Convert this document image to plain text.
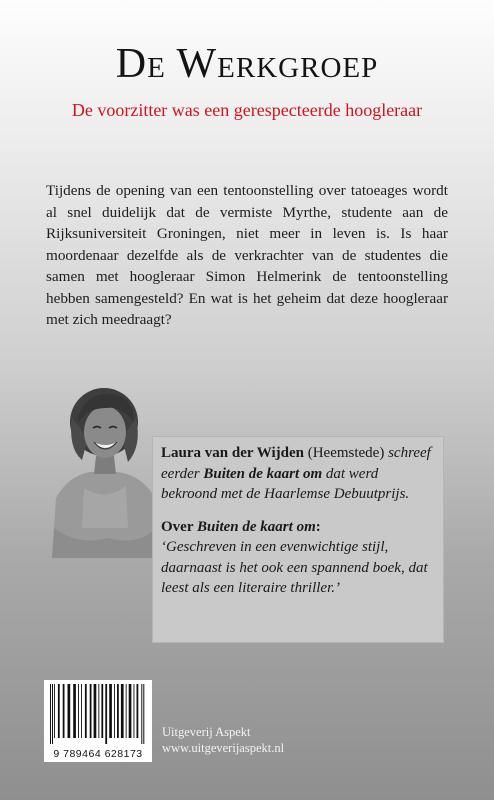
De Werkgroep
De voorzitter was een gerespecteerde hoogleraar
Tijdens de opening van een tentoonstelling over tatoeages wordt al snel duidelijk dat de vermiste Myrthe, studente aan de Rijksuniversiteit Groningen, niet meer in leven is. Is haar moordenaar dezelfde als de verkrachter van de studentes die samen met hoogleraar Simon Helmerink de tentoonstelling hebben samengesteld? En wat is het geheim dat deze hoogleraar met zich meedraagt?

Laura van der Wijden (Heemstede) schreef eerder Buiten de kaart om dat werd bekroond met de Haarlemse Debuutprijs.

Over Buiten de kaart om:

‘Geschreven in een evenwichtige stijl, daarnaast is het ook een spannend boek, dat leest als een literaire thriller.’

9 789464 628173
Uitgeverij Aspekt
www.uitgeverijaspekt.nl
